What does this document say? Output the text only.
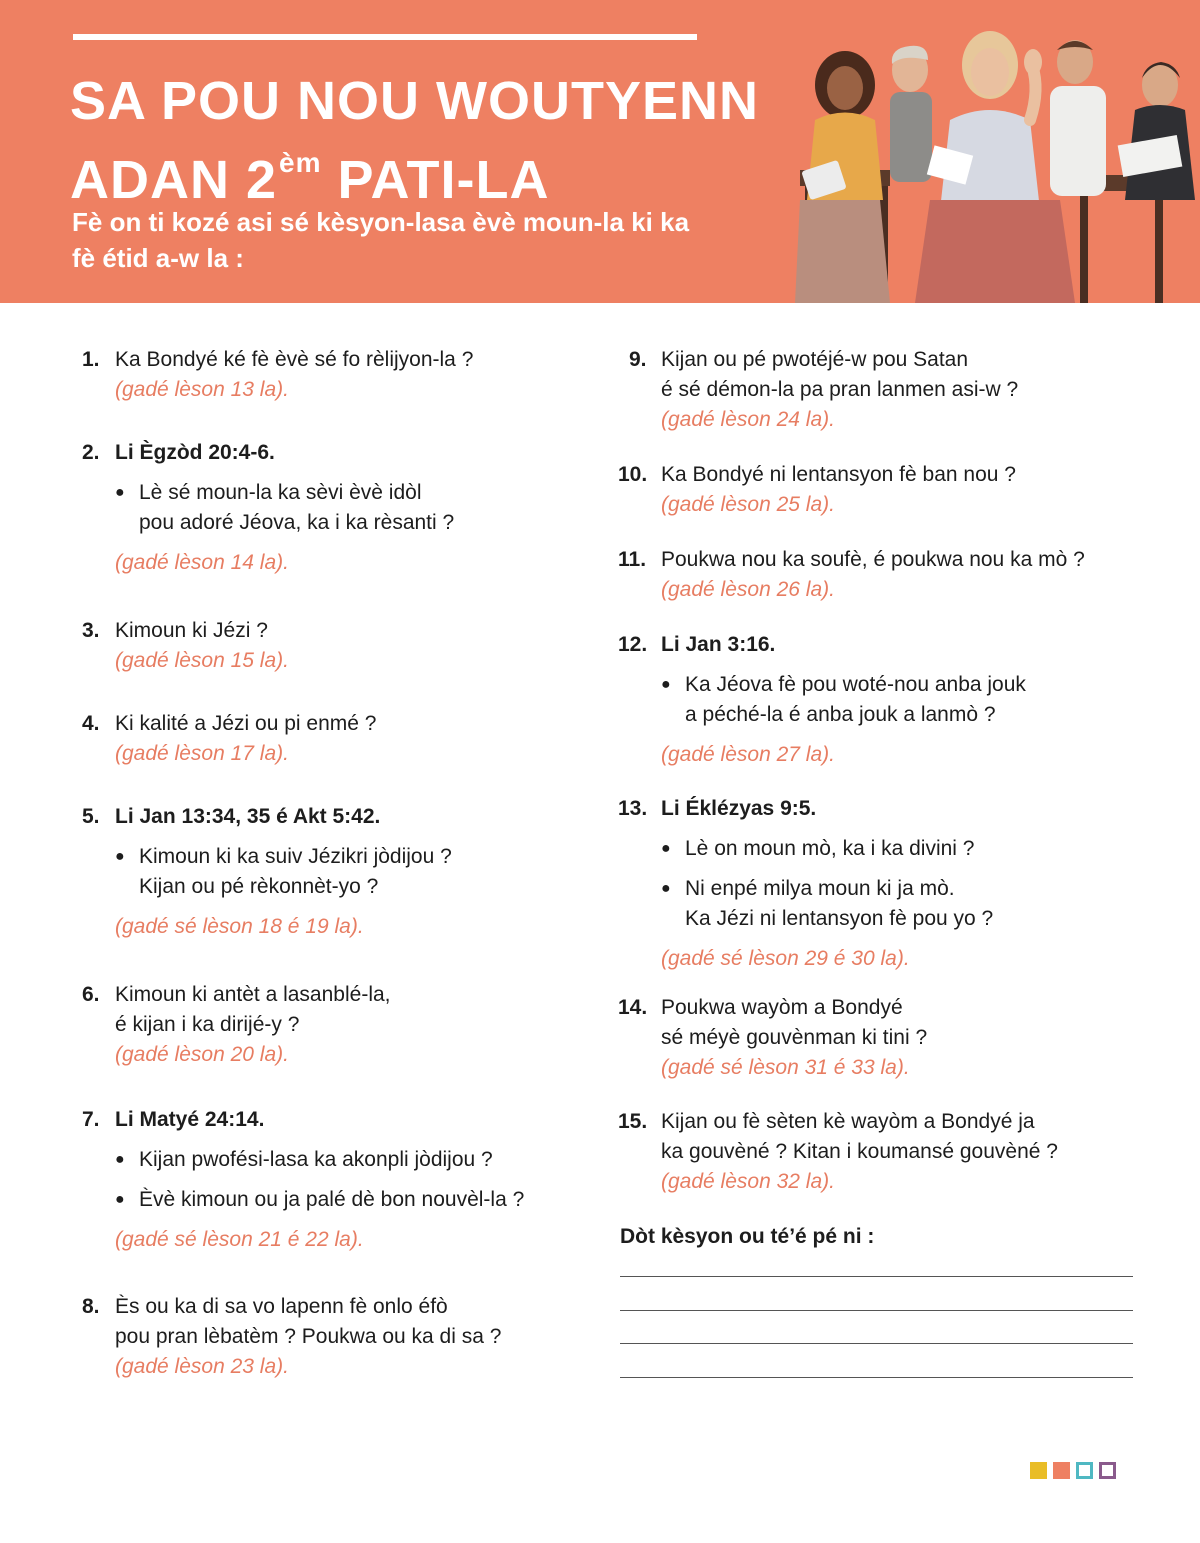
SA POU NOU WOUTYENN
ADAN $2^{èm}$ PATI-LA

Fè on ti kozé asi sé kèsyon-lasa èvè moun-la ki ka fè étid a-w la :

1. Ka Bondyé ké fè èvè sé fo rèlijyon-la ?
(gadé lèson 13 la).
2. Li Ègzòd 20:4-6.
● Lè sé moun-la ka sèvi èvè idòl
pou adoré Jéova, ka i ka rèsanti ?
(gadé lèson 14 la).
3. Kimoun ki Jézi ?
(gadé lèson 15 la).
4. Ki kalité a Jézi ou pi enmé ?
(gadé lèson 17 la).
5. Li Jan 13:34, 35 é Akt 5:42.
● Kimoun ki ka suiv Jézikri jòdijou ?
Kijan ou pé rèkonnèt-yo ?
(gadé sé lèson 18 é 19 la).
6. Kimoun ki antèt a lasanblé-la,
é kijan i ka dirijé-y ?
(gadé lèson 20 la).
7. Li Matyé 24:14.
● Kijan pwofési-lasa ka akonpli jòdijou ?
● Èvè kimoun ou ja palé dè bon nouvèl-la ?
(gadé sé lèson 21 é 22 la).
8. Ès ou ka di sa vo lapenn fè onlo éfò
pou pran lèbatèm ? Poukwa ou ka di sa ?
(gadé lèson 23 la).
9. Kijan ou pé pwotéjé-w pou Satan
é sé démon-la pa pran lanmen asi-w ?
(gadé lèson 24 la).
10. Ka Bondyé ni lentansyon fè ban nou ?
(gadé lèson 25 la).
11. Poukwa nou ka soufè, é poukwa nou ka mò ?
(gadé lèson 26 la).
12. Li Jan 3:16.
● Ka Jéova fè pou woté-nou anba jouk
a péché-la é anba jouk a lanmò ?
(gadé lèson 27 la).
13. Li Éklézyas 9:5.
● Lè on moun mò, ka i ka divini ?
● Ni enpé milya moun ki ja mò.
Ka Jézi ni lentansyon fè pou yo ?
(gadé sé lèson 29 é 30 la).
14. Poukwa wayòm a Bondyé
sé méyè gouvènman ki tini ?
(gadé sé lèson 31 é 33 la).
15. Kijan ou fè sèten kè wayòm a Bondyé ja
ka gouvèné ? Kitan i koumansé gouvèné ?
(gadé lèson 32 la).

Dòt kèsyon ou té’é pé ni :
